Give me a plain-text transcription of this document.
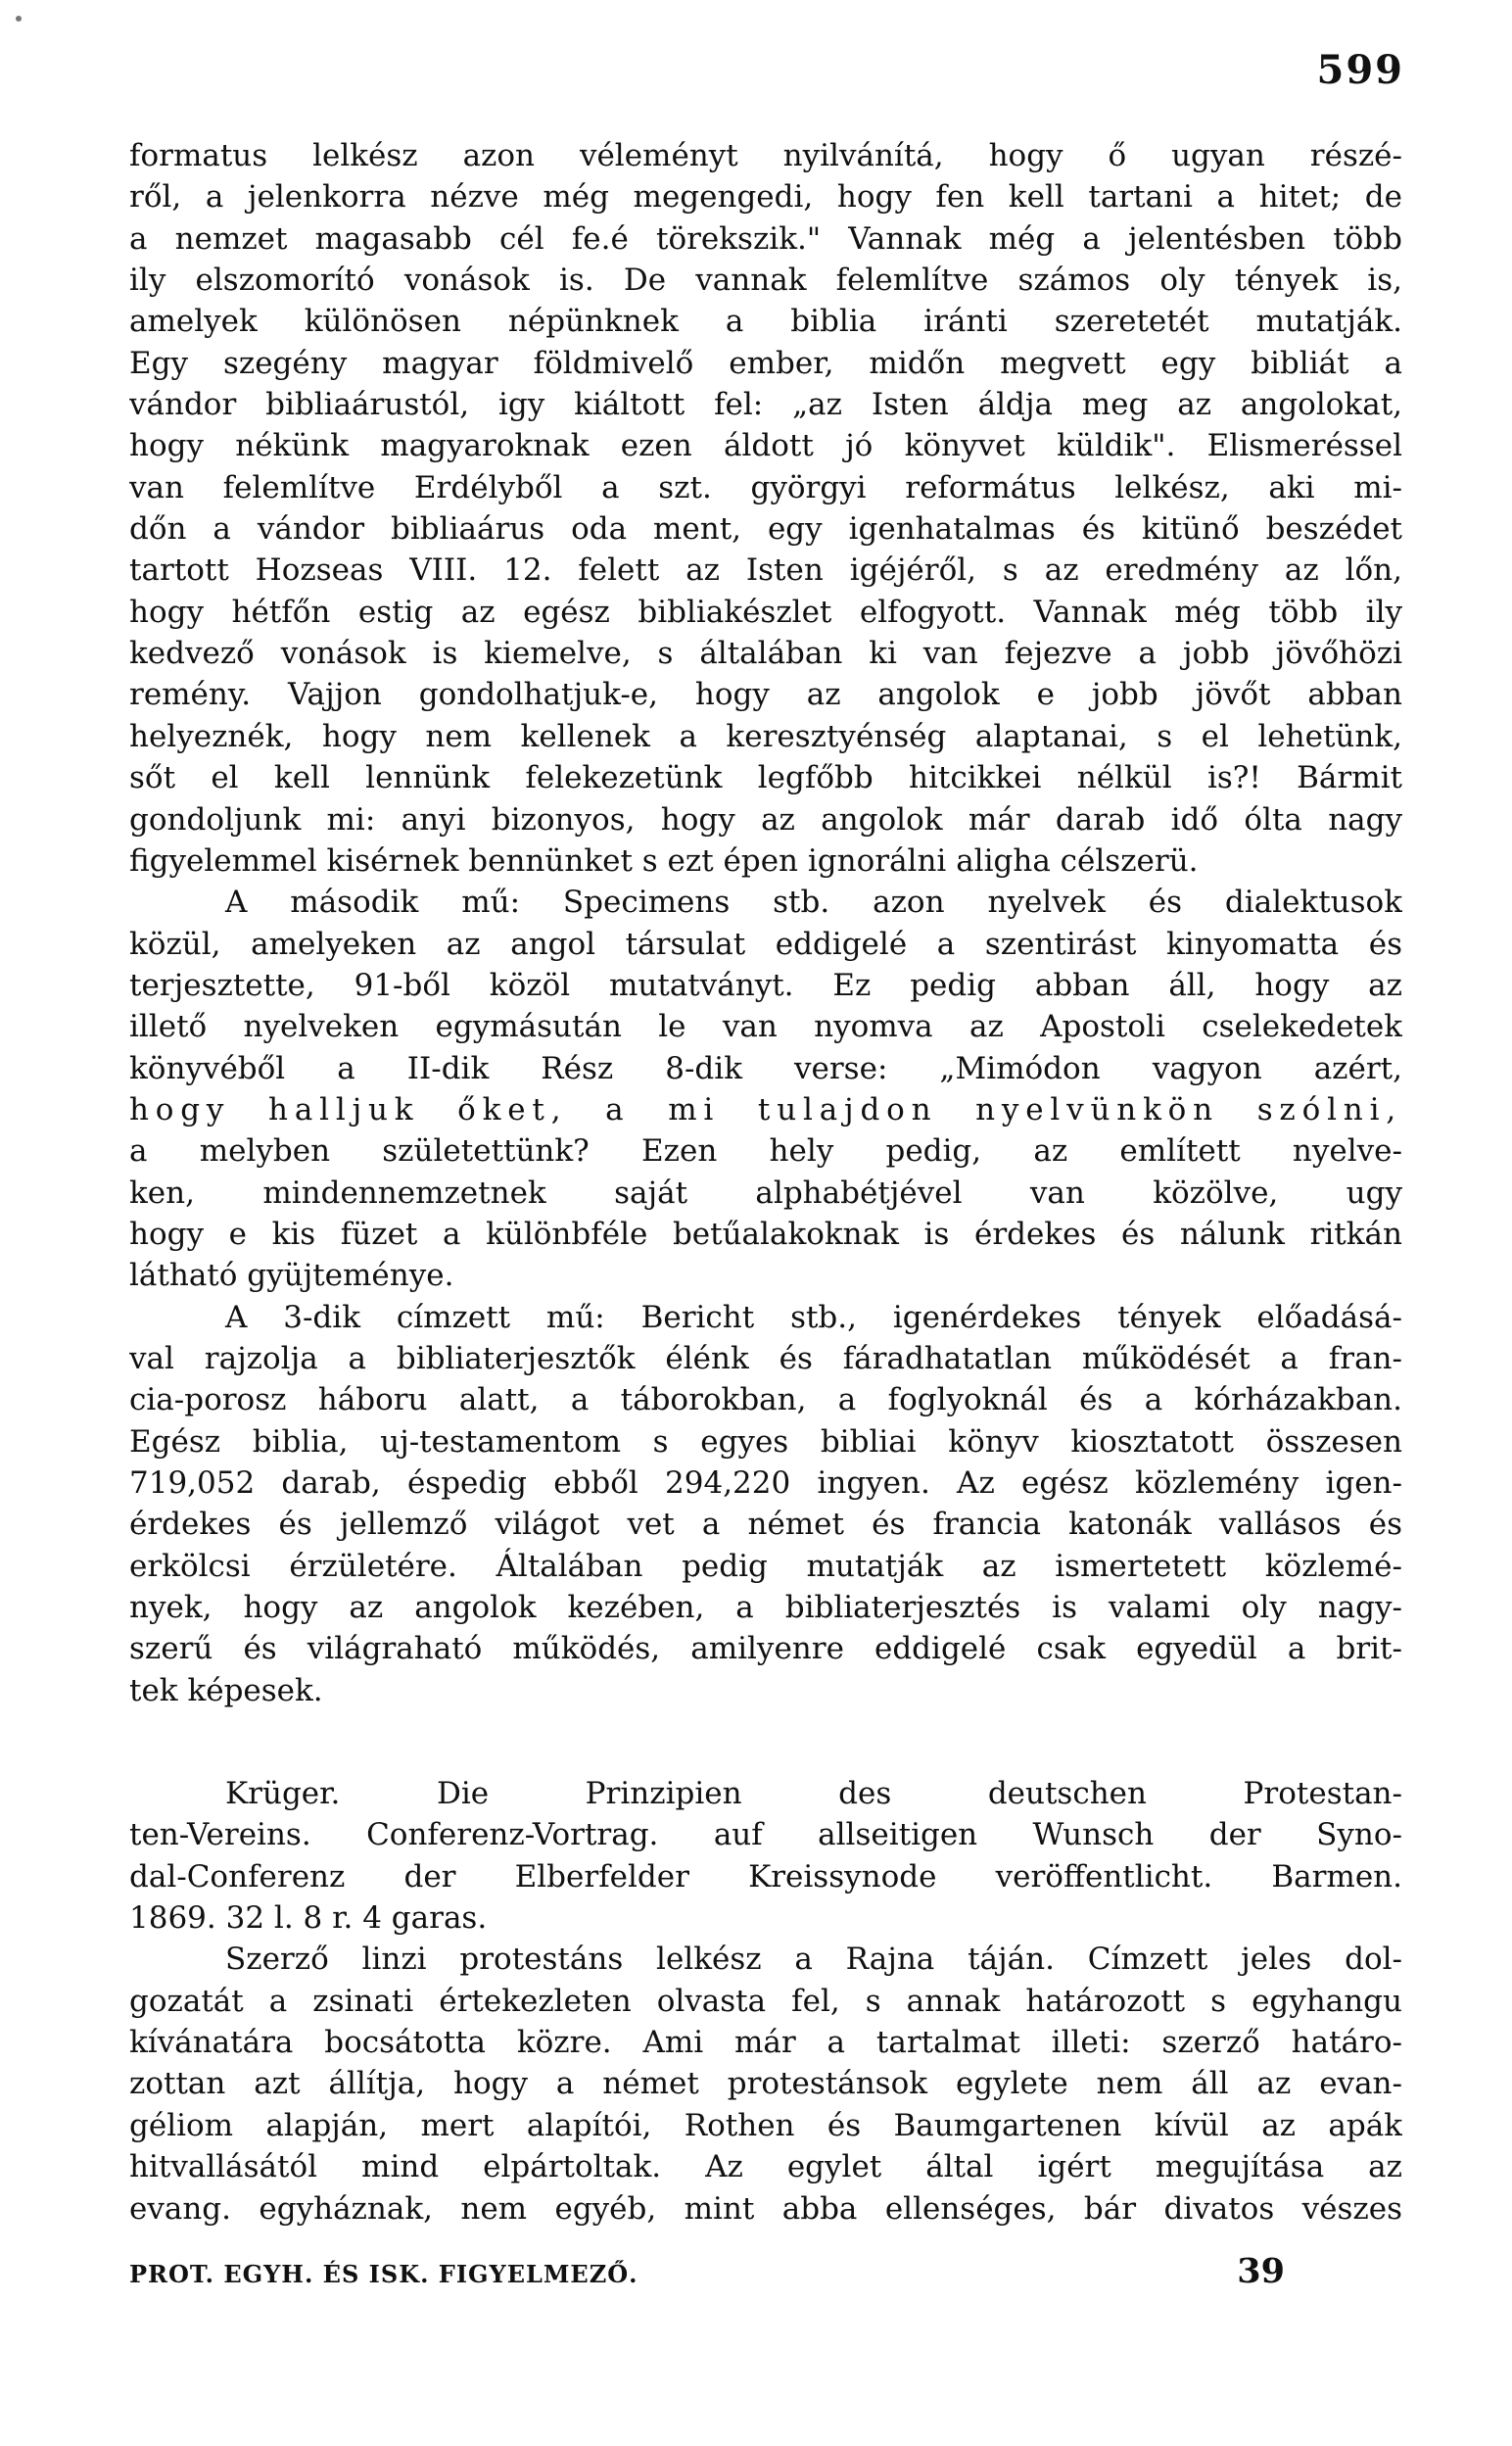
599
formatus lelkész azon véleményt nyilvánítá, hogy ő ugyan részé-
ről, a jelenkorra nézve még megengedi, hogy fen kell tartani a hitet; de
a nemzet magasabb cél fe.é törekszik." Vannak még a jelentésben több
ily elszomorító vonások is. De vannak felemlítve számos oly tények is,
amelyek különösen népünknek a biblia iránti szeretetét mutatják.
Egy szegény magyar földmivelő ember, midőn megvett egy bibliát a
vándor bibliaárustól, igy kiáltott fel: „az Isten áldja meg az angolokat,
hogy nékünk magyaroknak ezen áldott jó könyvet küldik". Elismeréssel
van felemlítve Erdélyből a szt. györgyi református lelkész, aki mi-
dőn a vándor bibliaárus oda ment, egy igenhatalmas és kitünő beszédet
tartott Hozseas VIII. 12. felett az Isten igéjéről, s az eredmény az lőn,
hogy hétfőn estig az egész bibliakészlet elfogyott. Vannak még több ily
kedvező vonások is kiemelve, s általában ki van fejezve a jobb jövőhözi
remény. Vajjon gondolhatjuk-e, hogy az angolok e jobb jövőt abban
helyeznék, hogy nem kellenek a keresztyénség alaptanai, s el lehetünk,
sőt el kell lennünk felekezetünk legfőbb hitcikkei nélkül is?! Bármit
gondoljunk mi: anyi bizonyos, hogy az angolok már darab idő ólta nagy
figyelemmel kisérnek bennünket s ezt épen ignorálni aligha célszerü.
A második mű: Specimens stb. azon nyelvek és dialektusok
közül, amelyeken az angol társulat eddigelé a szentirást kinyomatta és
terjesztette, 91-ből közöl mutatványt. Ez pedig abban áll, hogy az
illető nyelveken egymásután le van nyomva az Apostoli cselekedetek
könyvéből a II-dik Rész 8-dik verse: „Mimódon vagyon azért,
hogy halljuk őket, a mi tulajdon nyelvünkön szólni,
a melyben születettünk? Ezen hely pedig, az említett nyelve-
ken, mindennemzetnek saját alphabétjével van közölve, ugy
hogy e kis füzet a különbféle betűalakoknak is érdekes és nálunk ritkán
látható gyüjteménye.
A 3-dik címzett mű: Bericht stb., igenérdekes tények előadásá-
val rajzolja a bibliaterjesztők élénk és fáradhatatlan működését a fran-
cia-porosz háboru alatt, a táborokban, a foglyoknál és a kórházakban.
Egész biblia, uj-testamentom s egyes bibliai könyv kiosztatott összesen
719,052 darab, éspedig ebből 294,220 ingyen. Az egész közlemény igen-
érdekes és jellemző világot vet a német és francia katonák vallásos és
erkölcsi érzületére. Általában pedig mutatják az ismertetett közlemé-
nyek, hogy az angolok kezében, a bibliaterjesztés is valami oly nagy-
szerű és világraható működés, amilyenre eddigelé csak egyedül a brit-
tek képesek.
Krüger. Die Prinzipien des deutschen Protestan-
ten-Vereins. Conferenz-Vortrag. auf allseitigen Wunsch der Syno-
dal-Conferenz der Elberfelder Kreissynode veröffentlicht. Barmen.
1869. 32 l. 8 r. 4 garas.
Szerző linzi protestáns lelkész a Rajna táján. Címzett jeles dol-
gozatát a zsinati értekezleten olvasta fel, s annak határozott s egyhangu
kívánatára bocsátotta közre. Ami már a tartalmat illeti: szerző határo-
zottan azt állítja, hogy a német protestánsok egylete nem áll az evan-
géliom alapján, mert alapítói, Rothen és Baumgartenen kívül az apák
hitvallásától mind elpártoltak. Az egylet által igért megujítása az
evang. egyháznak, nem egyéb, mint abba ellenséges, bár divatos vészes
PROT. EGYH. ÉS ISK. FIGYELMEZŐ.	39
